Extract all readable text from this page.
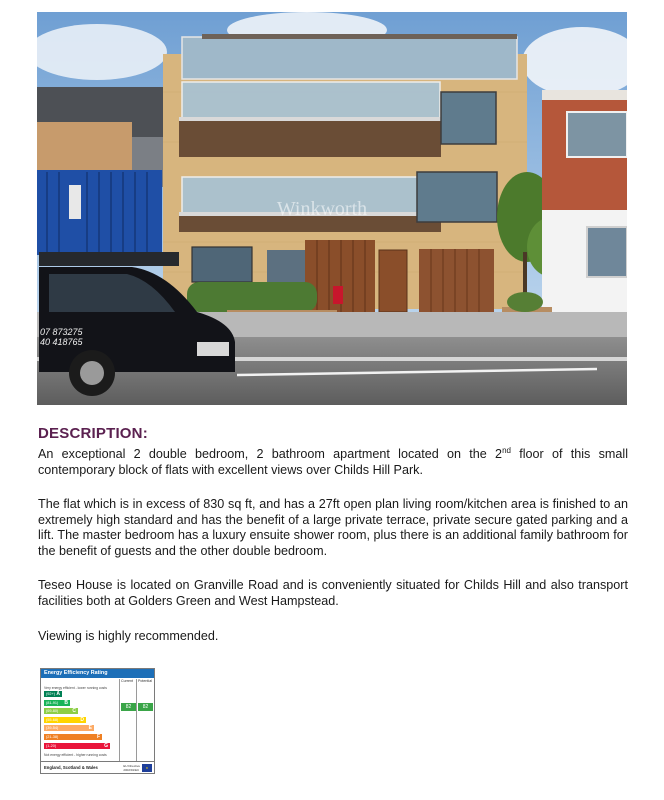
Winkworth
07 873275
40 418765
DESCRIPTION:
An exceptional 2 double bedroom, 2 bathroom apartment located on the 2nd floor of this small contemporary block of flats with excellent views over Childs Hill Park.
The flat which is in excess of 830 sq ft, and has a 27ft open plan living room/kitchen area is finished to an extremely high standard and has the benefit of a large private terrace, private secure gated parking and a lift. The master bedroom has a luxury ensuite shower room, plus there is an additional family bathroom for the benefit of guests and the other double bedroom.
Teseo House is located on Granville Road and is conveniently situated for Childs Hill and also transport facilities both at Golders Green and West Hampstead.
Viewing is highly recommended.
Energy Efficiency Rating
Current Potential
Very energy efficient - lower running costs
(92+) A
(81-91) B
(69-80)	C
(55-68)	D
(39-54)	E
(21-38)	F
(1-20)	G
Not energy efficient - higher running costs
82	82
England, Scotland & Wales	EU Directive
2002/91/EC	★
